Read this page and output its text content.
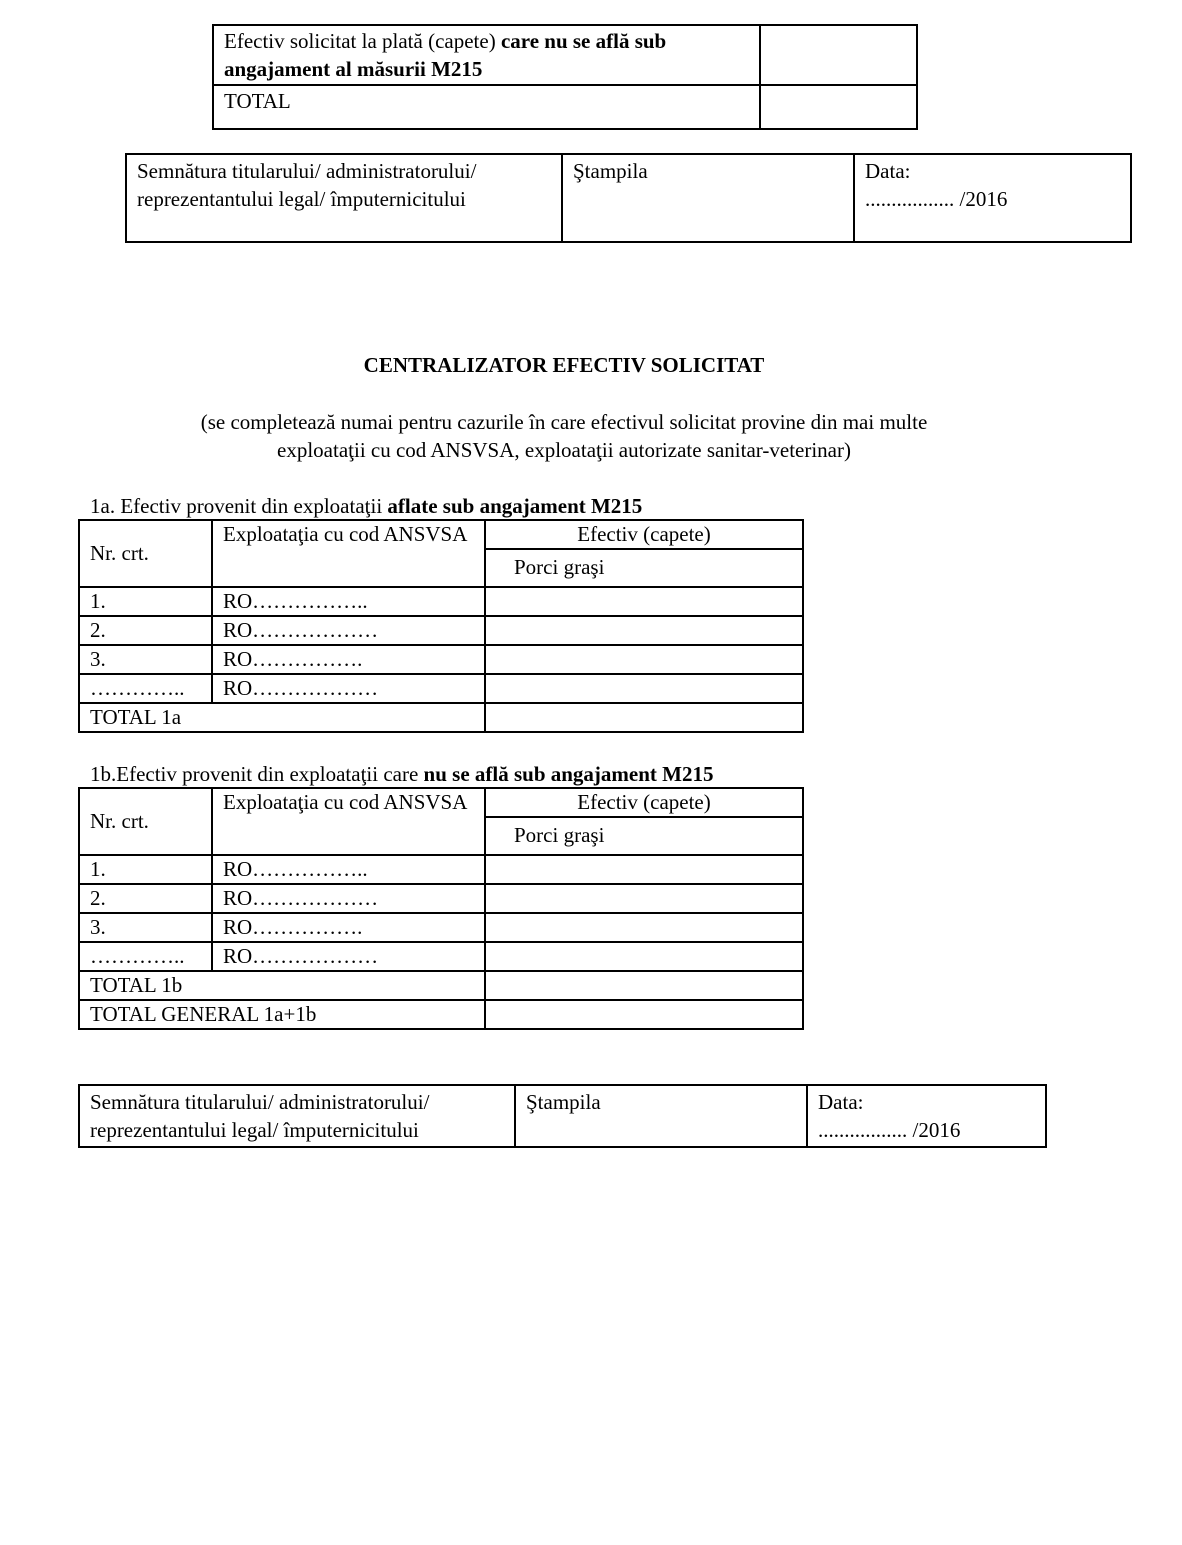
Efectiv solicitat la plată (capete) care nu se află sub angajament al măsurii M215	
TOTAL	
Semnătura titularului/ administratorului/ reprezentantului legal/ împuternicitului	Ştampila	Data:
................. /2016
CENTRALIZATOR EFECTIV SOLICITAT
(se completează numai pentru cazurile în care efectivul solicitat provine din mai multe
exploataţii cu cod ANSVSA, exploataţii autorizate sanitar-veterinar)
1a. Efectiv provenit din exploataţii aflate sub angajament M215
Nr. crt.	Exploataţia cu cod ANSVSA	Efectiv (capete)
		Porci graşi
1.	RO……………..	
2.	RO………………	
3.	RO…………….	
…………..	RO………………	
TOTAL 1a		
1b.Efectiv provenit din exploataţii care nu se află sub angajament M215
Nr. crt.	Exploataţia cu cod ANSVSA	Efectiv (capete)
		Porci graşi
1.	RO……………..	
2.	RO………………	
3.	RO…………….	
…………..	RO………………	
TOTAL 1b		
TOTAL GENERAL 1a+1b		
Semnătura titularului/ administratorului/ reprezentantului legal/ împuternicitului	Ştampila	Data:
................. /2016
